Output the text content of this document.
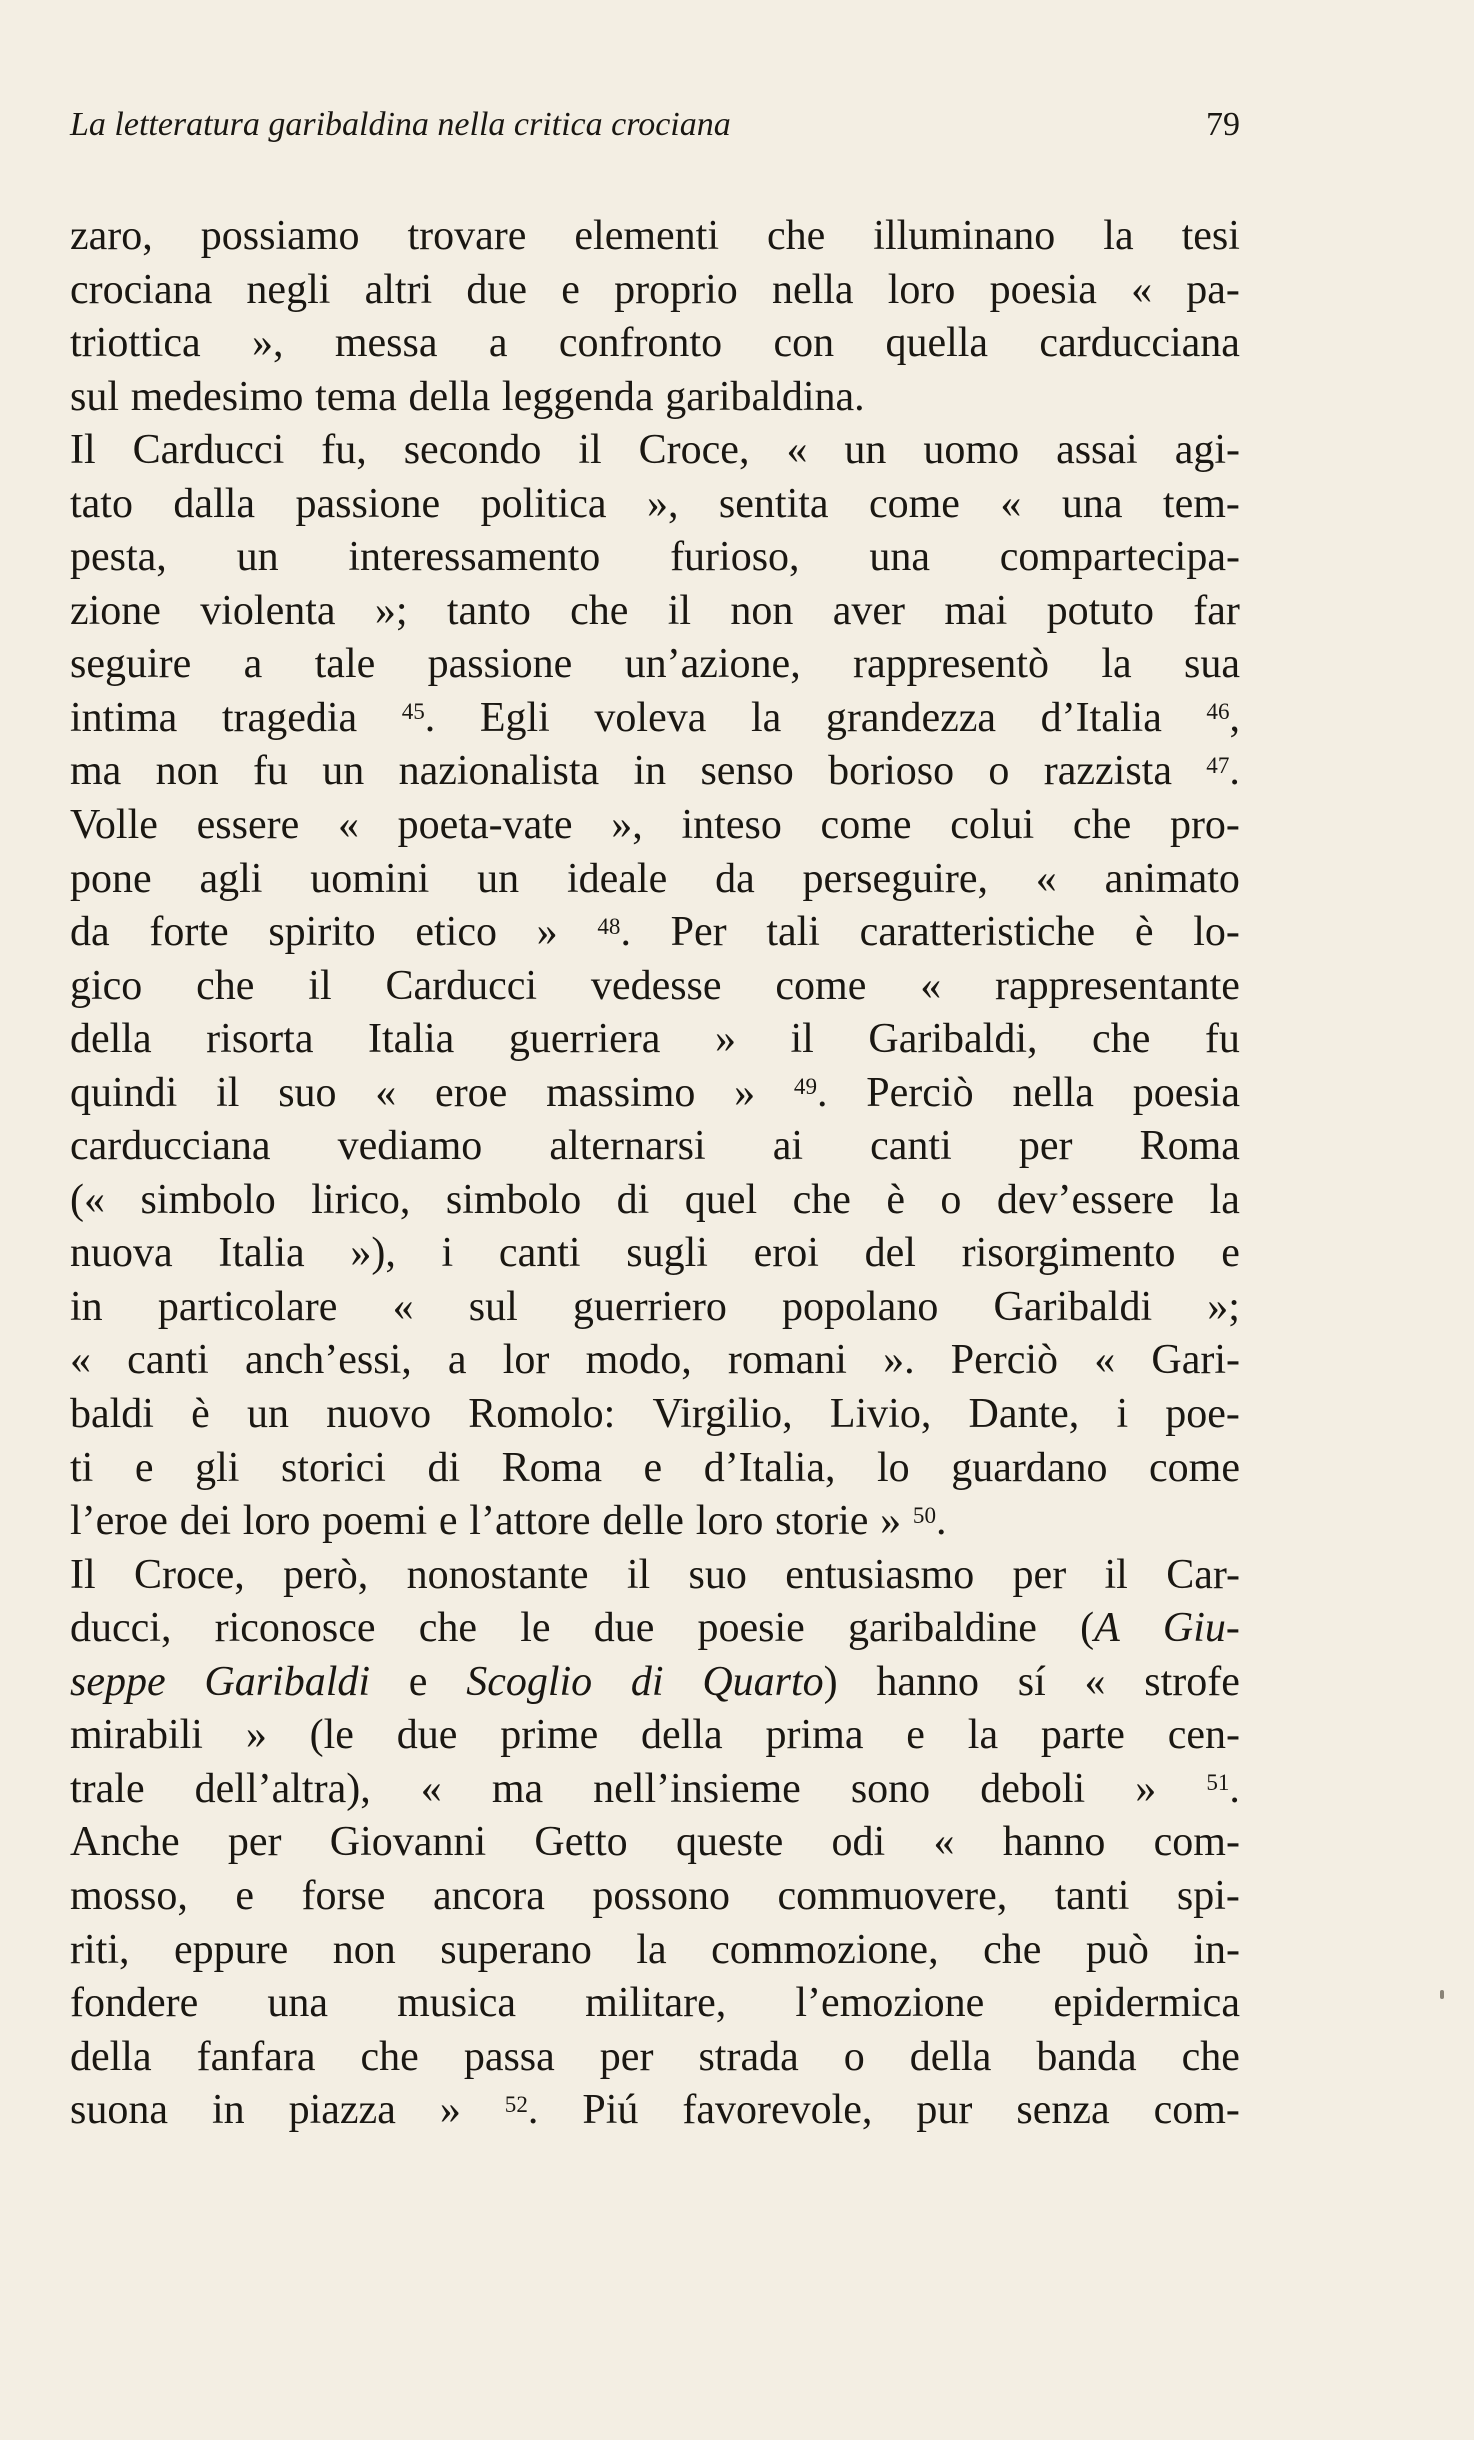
La letteratura garibaldina nella critica crociana	79
zaro, possiamo trovare elementi che illuminano la tesi
crociana negli altri due e proprio nella loro poesia « pa-
triottica », messa a confronto con quella carducciana
sul medesimo tema della leggenda garibaldina.
Il Carducci fu, secondo il Croce, « un uomo assai agi-
tato dalla passione politica », sentita come « una tem-
pesta, un interessamento furioso, una compartecipa-
zione violenta »; tanto che il non aver mai potuto far
seguire a tale passione un’azione, rappresentò la sua
intima tragedia $^{45}$. Egli voleva la grandezza d’Italia $^{46}$,
ma non fu un nazionalista in senso borioso o razzista $^{47}$.
Volle essere « poeta-vate », inteso come colui che pro-
pone agli uomini un ideale da perseguire, « animato
da forte spirito etico » $^{48}$. Per tali caratteristiche è lo-
gico che il Carducci vedesse come « rappresentante
della risorta Italia guerriera » il Garibaldi, che fu
quindi il suo « eroe massimo » $^{49}$. Perciò nella poesia
carducciana vediamo alternarsi ai canti per Roma
(« simbolo lirico, simbolo di quel che è o dev’essere la
nuova Italia »), i canti sugli eroi del risorgimento e
in particolare « sul guerriero popolano Garibaldi »;
« canti anch’essi, a lor modo, romani ». Perciò « Gari-
baldi è un nuovo Romolo: Virgilio, Livio, Dante, i poe-
ti e gli storici di Roma e d’Italia, lo guardano come
l’eroe dei loro poemi e l’attore delle loro storie » $^{50}$.
Il Croce, però, nonostante il suo entusiasmo per il Car-
ducci, riconosce che le due poesie garibaldine (A Giu-
seppe Garibaldi e Scoglio di Quarto) hanno sí « strofe
mirabili » (le due prime della prima e la parte cen-
trale dell’altra), « ma nell’insieme sono deboli » $^{51}$.
Anche per Giovanni Getto queste odi « hanno com-
mosso, e forse ancora possono commuovere, tanti spi-
riti, eppure non superano la commozione, che può in-
fondere una musica militare, l’emozione epidermica
della fanfara che passa per strada o della banda che
suona in piazza » $^{52}$. Piú favorevole, pur senza com-
